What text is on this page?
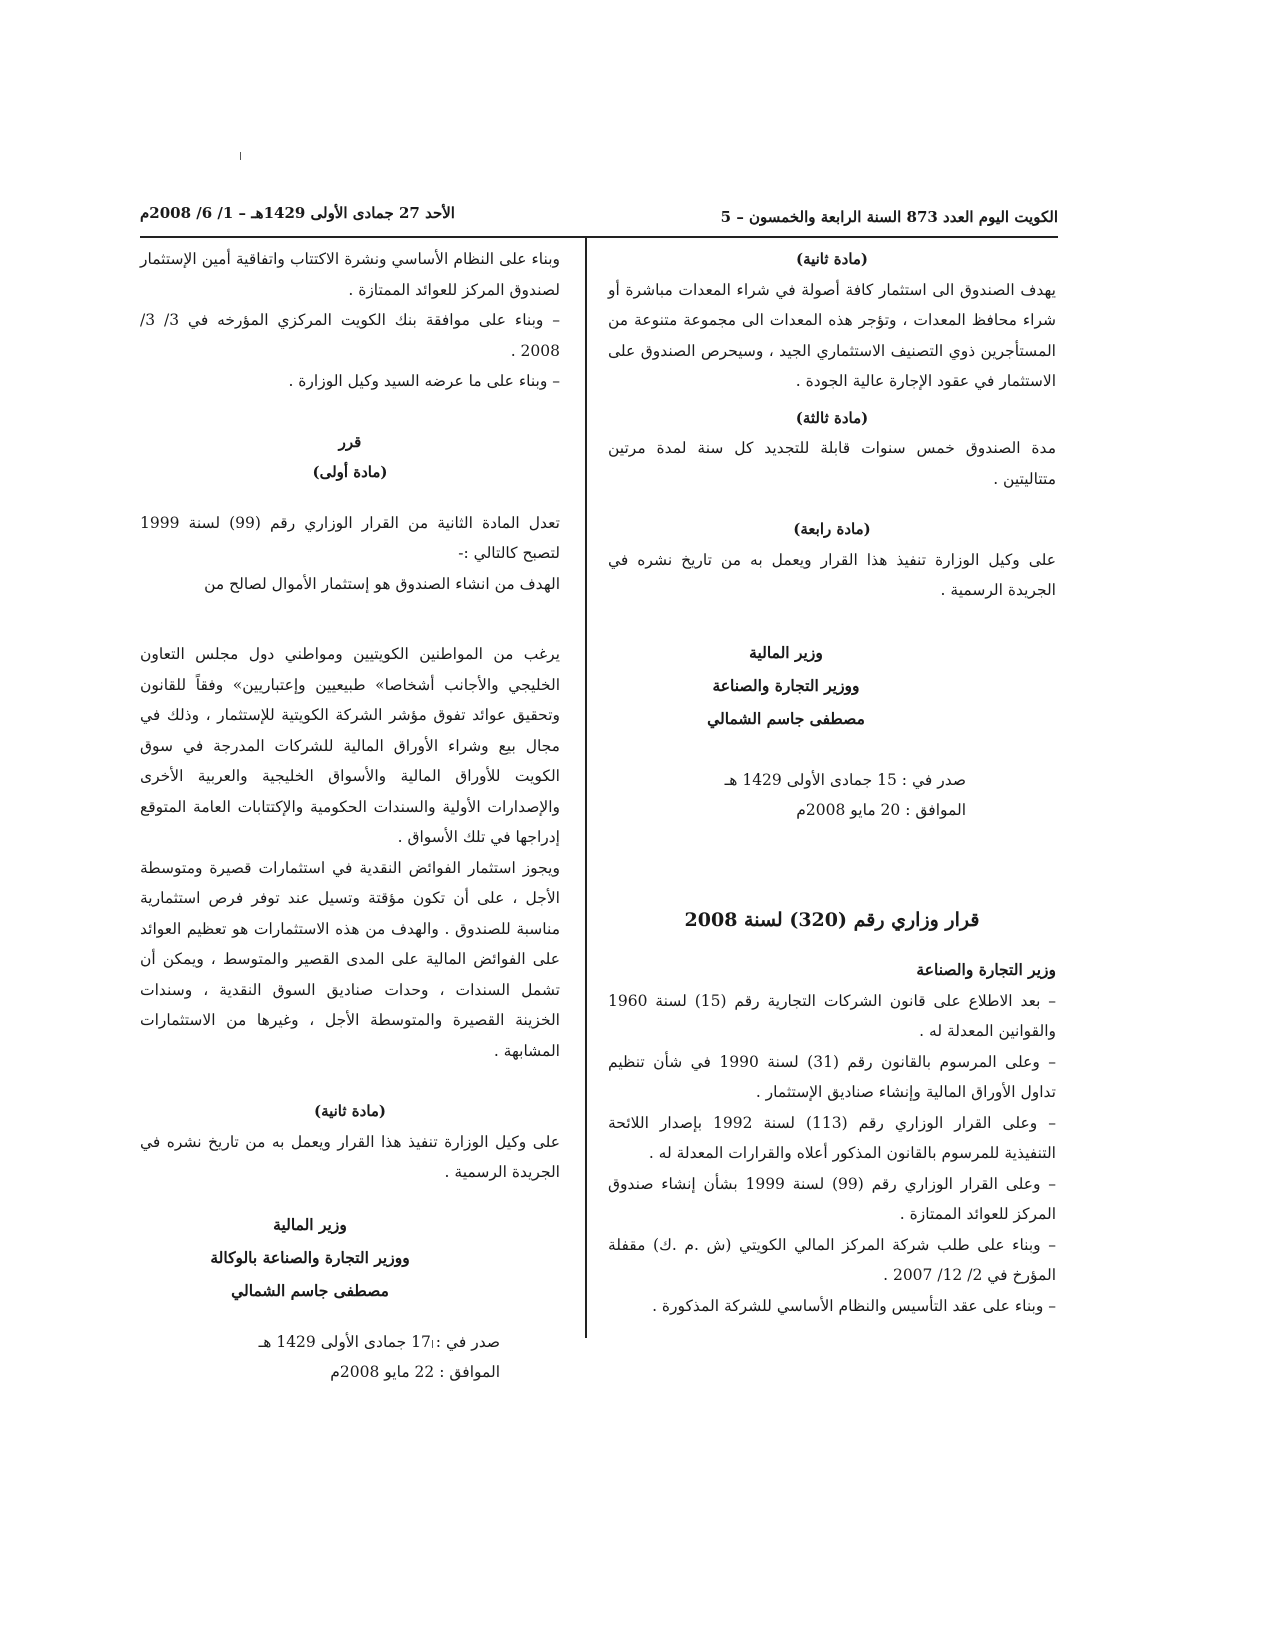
الكويت اليوم العدد 873 السنة الرابعة والخمسون – 5
الأحد 27 جمادى الأولى 1429هـ – 1/ 6/ 2008م

(مادة ثانية)

يهدف الصندوق الى استثمار كافة أصولة في شراء المعدات مباشرة أو شراء محافظ المعدات ، وتؤجر هذه المعدات الى مجموعة متنوعة من المستأجرين ذوي التصنيف الاستثماري الجيد ، وسيحرص الصندوق على الاستثمار في عقود الإجارة عالية الجودة .

(مادة ثالثة)

مدة الصندوق خمس سنوات قابلة للتجديد كل سنة لمدة مرتين متتاليتين .

(مادة رابعة)

على وكيل الوزارة تنفيذ هذا القرار ويعمل به من تاريخ نشره في الجريدة الرسمية .

وزير المالية

ووزير التجارة والصناعة

مصطفى جاسم الشمالي

صدر في : 15 جمادى الأولى 1429 هـ

الموافق : 20 مايو 2008م

قرار وزاري رقم (320) لسنة 2008

وزير التجارة والصناعة

– بعد الاطلاع على قانون الشركات التجارية رقم (15) لسنة 1960 والقوانين المعدلة له .

– وعلى المرسوم بالقانون رقم (31) لسنة 1990 في شأن تنظيم تداول الأوراق المالية وإنشاء صناديق الإستثمار .

– وعلى القرار الوزاري رقم (113) لسنة 1992 بإصدار اللائحة التنفيذية للمرسوم بالقانون المذكور أعلاه والقرارات المعدلة له .

– وعلى القرار الوزاري رقم (99) لسنة 1999 بشأن إنشاء صندوق المركز للعوائد الممتازة .

– وبناء على طلب شركة المركز المالي الكويتي (ش .م .ك) مقفلة المؤرخ في 2/ 12/ 2007 .

– وبناء على عقد التأسيس والنظام الأساسي للشركة المذكورة .

وبناء على النظام الأساسي ونشرة الاكتتاب واتفاقية أمين الإستثمار لصندوق المركز للعوائد الممتازة .

– وبناء على موافقة بنك الكويت المركزي المؤرخه في 3/ 3/ 2008 .

– وبناء على ما عرضه السيد وكيل الوزارة .

قرر

(مادة أولى)

تعدل المادة الثانية من القرار الوزاري رقم (99) لسنة 1999 لتصبح كالتالي :-

الهدف من انشاء الصندوق هو إستثمار الأموال لصالح من

يرغب من المواطنين الكويتيين ومواطني دول مجلس التعاون الخليجي والأجانب أشخاصا» طبيعيين وإعتباريين» وفقاً للقانون وتحقيق عوائد تفوق مؤشر الشركة الكويتية للإستثمار ، وذلك في مجال بيع وشراء الأوراق المالية للشركات المدرجة في سوق الكويت للأوراق المالية والأسواق الخليجية والعربية الأخرى والإصدارات الأولية والسندات الحكومية والإكتتابات العامة المتوقع إدراجها في تلك الأسواق .

ويجوز استثمار الفوائض النقدية في استثمارات قصيرة ومتوسطة الأجل ، على أن تكون مؤقتة وتسيل عند توفر فرص استثمارية مناسبة للصندوق . والهدف من هذه الاستثمارات هو تعظيم العوائد على الفوائض المالية على المدى القصير والمتوسط ، ويمكن أن تشمل السندات ، وحدات صناديق السوق النقدية ، وسندات الخزينة القصيرة والمتوسطة الأجل ، وغيرها من الاستثمارات المشابهة .

(مادة ثانية)

على وكيل الوزارة تنفيذ هذا القرار ويعمل به من تاريخ نشره في الجريدة الرسمية .

وزير المالية

ووزير التجارة والصناعة بالوكالة

مصطفى جاسم الشمالي

صدر في : 17 جمادى الأولى 1429 هـ

الموافق : 22 مايو 2008م
